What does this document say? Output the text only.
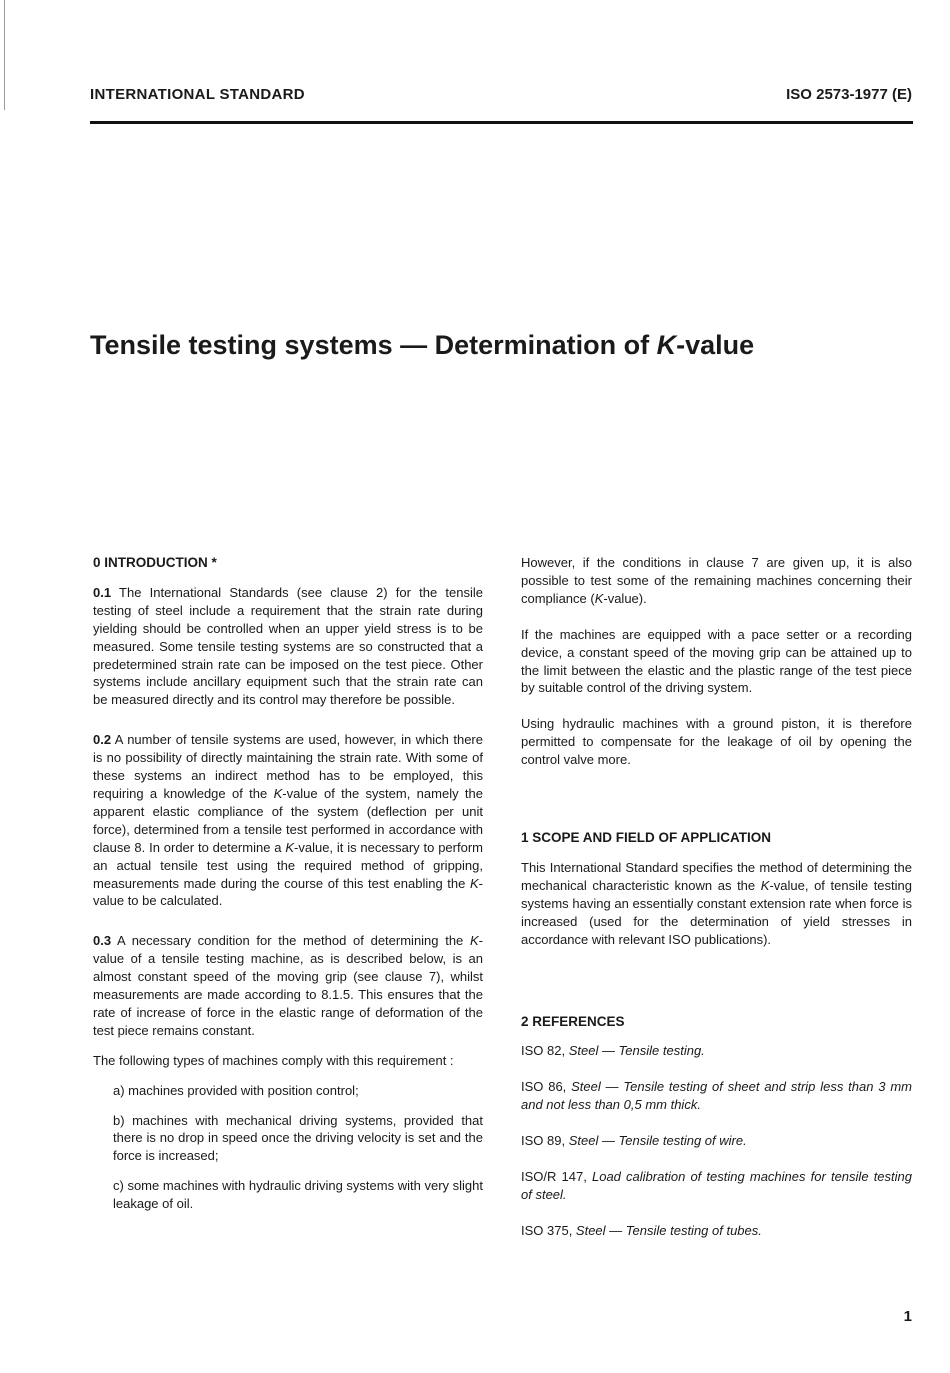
INTERNATIONAL STANDARD	ISO 2573-1977 (E)
Tensile testing systems — Determination of K-value

0 INTRODUCTION *

0.1 The International Standards (see clause 2) for the tensile testing of steel include a requirement that the strain rate during yielding should be controlled when an upper yield stress is to be measured. Some tensile testing systems are so constructed that a predetermined strain rate can be imposed on the test piece. Other systems include ancillary equipment such that the strain rate can be measured directly and its control may therefore be possible.

0.2 A number of tensile systems are used, however, in which there is no possibility of directly maintaining the strain rate. With some of these systems an indirect method has to be employed, this requiring a knowledge of the K-value of the system, namely the apparent elastic compliance of the system (deflection per unit force), determined from a tensile test performed in accordance with clause 8. In order to determine a K-value, it is necessary to perform an actual tensile test using the required method of gripping, measurements made during the course of this test enabling the K-value to be calculated.

0.3 A necessary condition for the method of determining the K-value of a tensile testing machine, as is described below, is an almost constant speed of the moving grip (see clause 7), whilst measurements are made according to 8.1.5. This ensures that the rate of increase of force in the elastic range of deformation of the test piece remains constant.

The following types of machines comply with this requirement :

a) machines provided with position control;

b) machines with mechanical driving systems, provided that there is no drop in speed once the driving velocity is set and the force is increased;

c) some machines with hydraulic driving systems with very slight leakage of oil.

However, if the conditions in clause 7 are given up, it is also possible to test some of the remaining machines concerning their compliance (K-value).

If the machines are equipped with a pace setter or a recording device, a constant speed of the moving grip can be attained up to the limit between the elastic and the plastic range of the test piece by suitable control of the driving system.

Using hydraulic machines with a ground piston, it is therefore permitted to compensate for the leakage of oil by opening the control valve more.

1 SCOPE AND FIELD OF APPLICATION

This International Standard specifies the method of determining the mechanical characteristic known as the K-value, of tensile testing systems having an essentially constant extension rate when force is increased (used for the determination of yield stresses in accordance with relevant ISO publications).

2 REFERENCES

ISO 82, Steel — Tensile testing.

ISO 86, Steel — Tensile testing of sheet and strip less than 3 mm and not less than 0,5 mm thick.

ISO 89, Steel — Tensile testing of wire.

ISO/R 147, Load calibration of testing machines for tensile testing of steel.

ISO 375, Steel — Tensile testing of tubes.

1
